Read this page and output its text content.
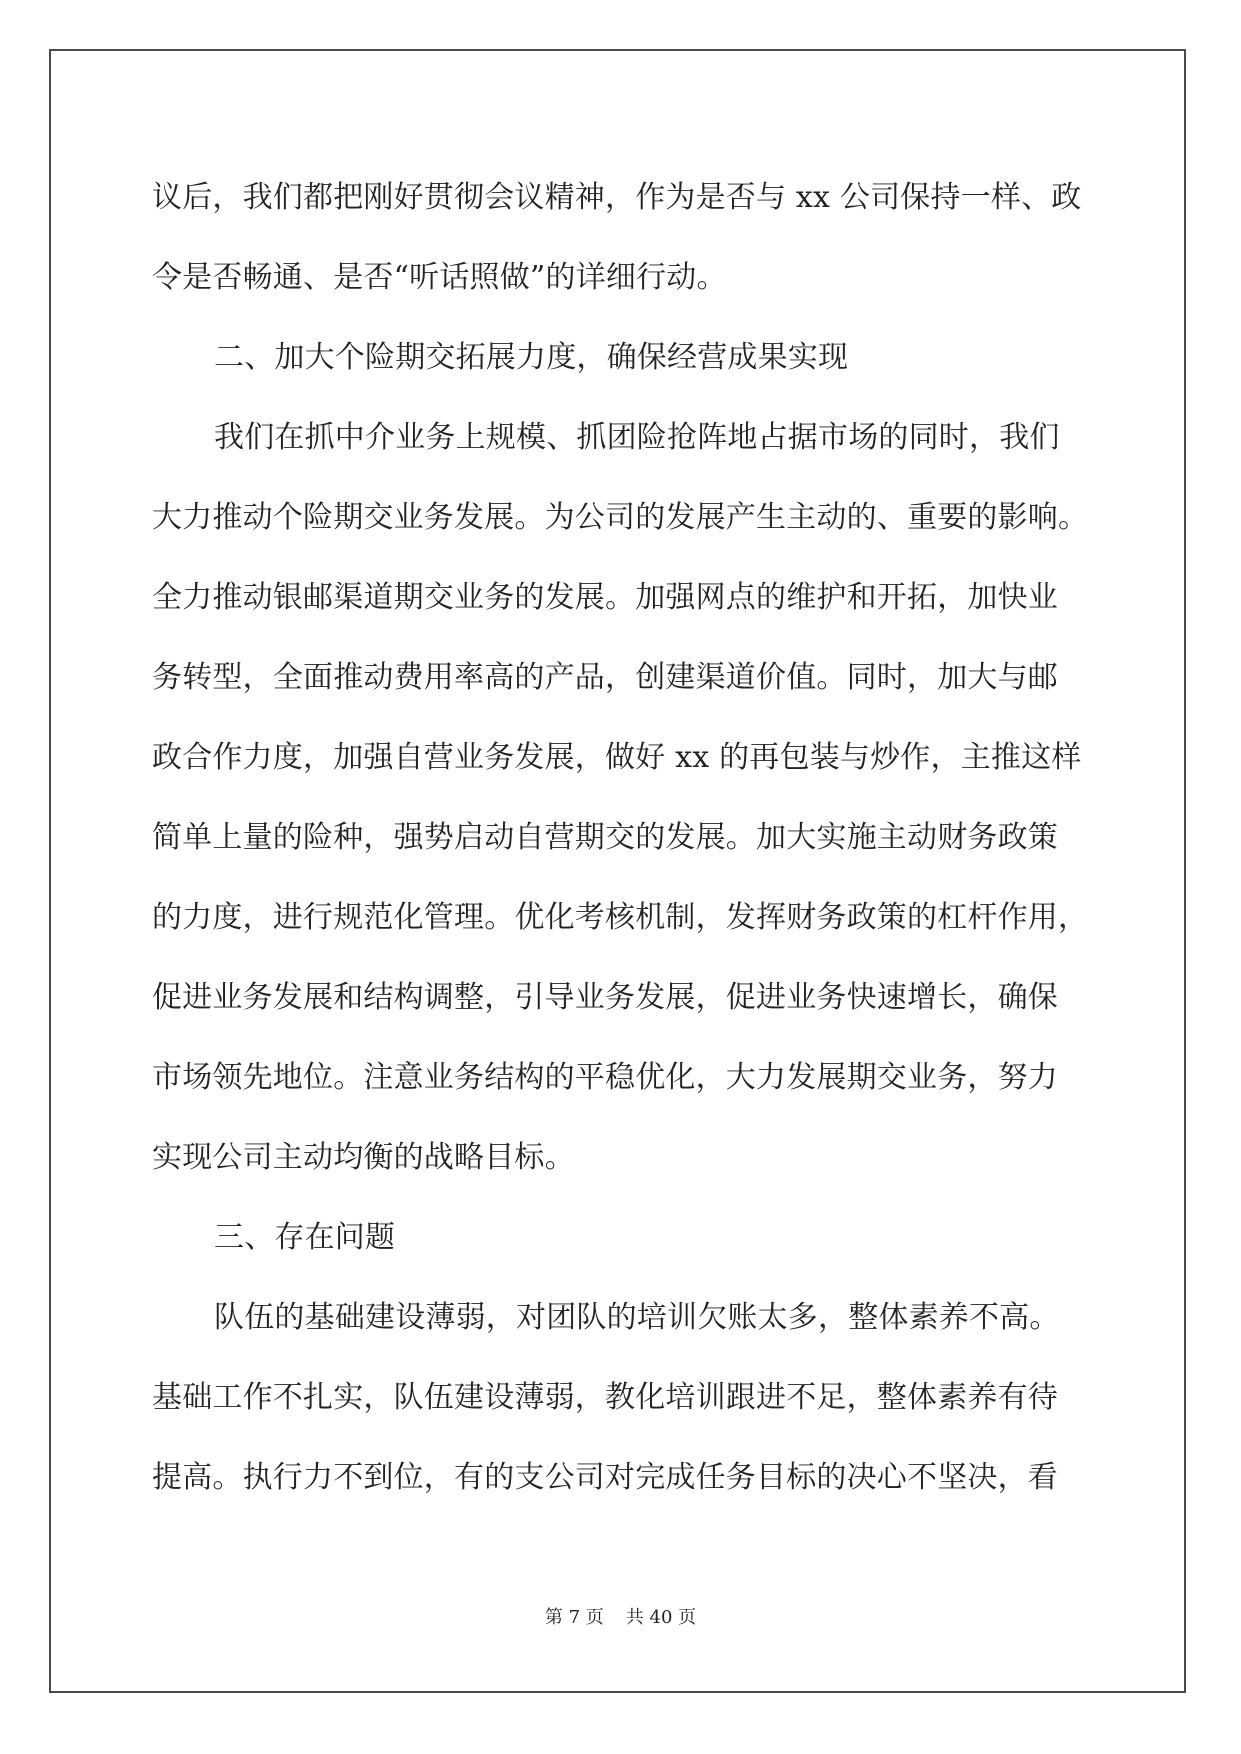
议后，我们都把刚好贯彻会议精神，作为是否与 xx 公司保持一样、政
令是否畅通、是否“听话照做”的详细行动。
二、加大个险期交拓展力度，确保经营成果实现
我们在抓中介业务上规模、抓团险抢阵地占据市场的同时，我们
大力推动个险期交业务发展。为公司的发展产生主动的、重要的影响。
全力推动银邮渠道期交业务的发展。加强网点的维护和开拓，加快业
务转型，全面推动费用率高的产品，创建渠道价值。同时，加大与邮
政合作力度，加强自营业务发展，做好 xx 的再包装与炒作，主推这样
简单上量的险种，强势启动自营期交的发展。加大实施主动财务政策
的力度，进行规范化管理。优化考核机制，发挥财务政策的杠杆作用，
促进业务发展和结构调整，引导业务发展，促进业务快速增长，确保
市场领先地位。注意业务结构的平稳优化，大力发展期交业务，努力
实现公司主动均衡的战略目标。
三、存在问题
队伍的基础建设薄弱，对团队的培训欠账太多，整体素养不高。
基础工作不扎实，队伍建设薄弱，教化培训跟进不足，整体素养有待
提高。执行力不到位，有的支公司对完成任务目标的决心不坚决，看
第 7 页 共 40 页
